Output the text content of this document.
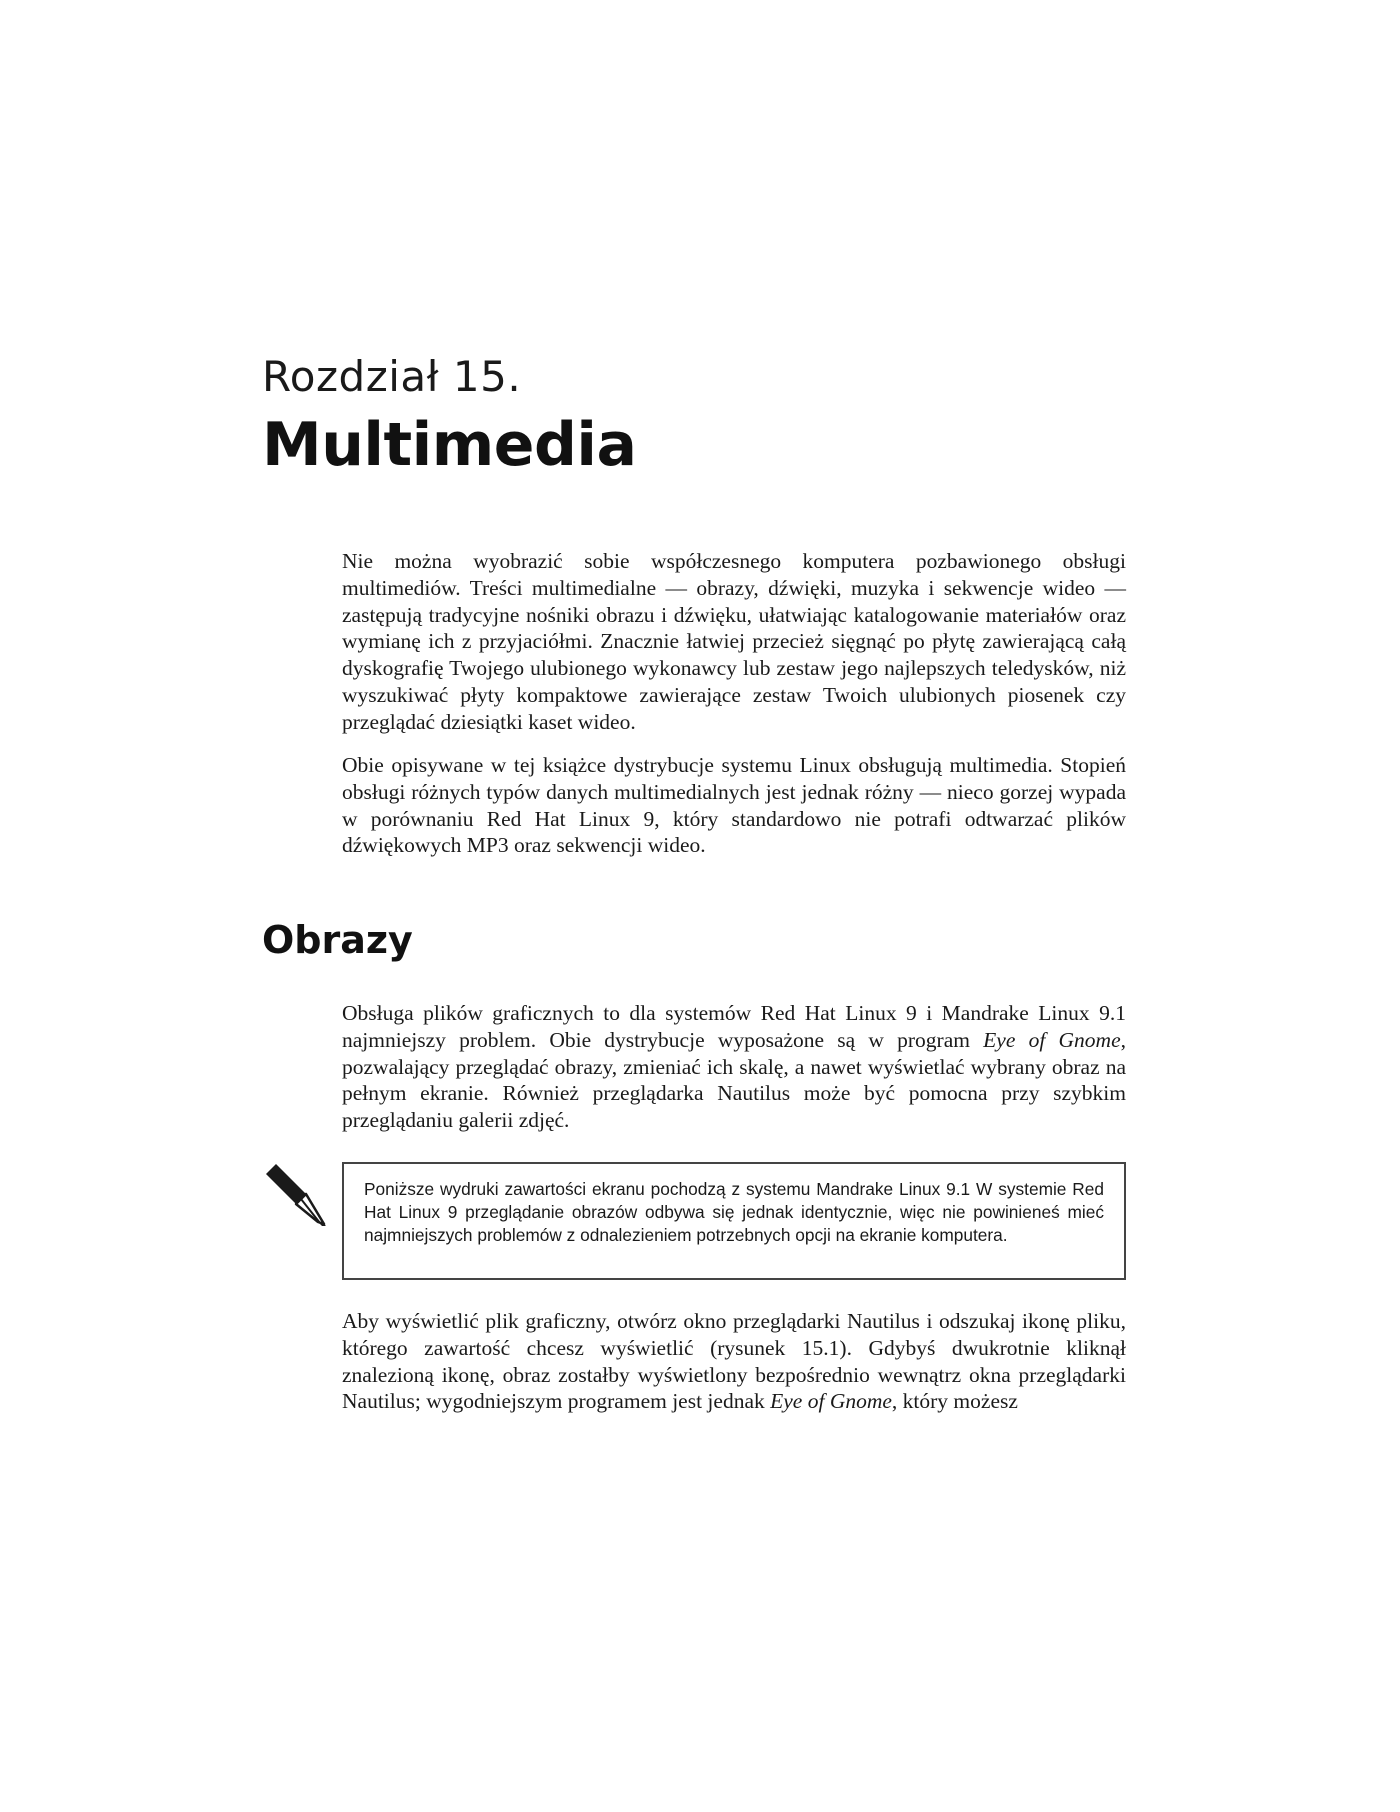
Rozdział 15.
Multimedia

Nie można wyobrazić sobie współczesnego komputera pozbawionego obsługi multimediów. Treści multimedialne — obrazy, dźwięki, muzyka i sekwencje wideo — zastępują tradycyjne nośniki obrazu i dźwięku, ułatwiając katalogowanie materiałów oraz wymianę ich z przyjaciółmi. Znacznie łatwiej przecież sięgnąć po płytę zawierającą całą dyskografię Twojego ulubionego wykonawcy lub zestaw jego najlepszych teledysków, niż wyszukiwać płyty kompaktowe zawierające zestaw Twoich ulubionych piosenek czy przeglądać dziesiątki kaset wideo.

Obie opisywane w tej książce dystrybucje systemu Linux obsługują multimedia. Stopień obsługi różnych typów danych multimedialnych jest jednak różny — nieco gorzej wypada w porównaniu Red Hat Linux 9, który standardowo nie potrafi odtwarzać plików dźwiękowych MP3 oraz sekwencji wideo.

Obrazy

Obsługa plików graficznych to dla systemów Red Hat Linux 9 i Mandrake Linux 9.1 najmniejszy problem. Obie dystrybucje wyposażone są w program Eye of Gnome, pozwalający przeglądać obrazy, zmieniać ich skalę, a nawet wyświetlać wybrany obraz na pełnym ekranie. Również przeglądarka Nautilus może być pomocna przy szybkim przeglądaniu galerii zdjęć.

Poniższe wydruki zawartości ekranu pochodzą z systemu Mandrake Linux 9.1 W systemie Red Hat Linux 9 przeglądanie obrazów odbywa się jednak identycznie, więc nie powinieneś mieć najmniejszych problemów z odnalezieniem potrzebnych opcji na ekranie komputera.

Aby wyświetlić plik graficzny, otwórz okno przeglądarki Nautilus i odszukaj ikonę pliku, którego zawartość chcesz wyświetlić (rysunek 15.1). Gdybyś dwukrotnie kliknął znalezioną ikonę, obraz zostałby wyświetlony bezpośrednio wewnątrz okna przeglądarki Nautilus; wygodniejszym programem jest jednak Eye of Gnome, który możesz
